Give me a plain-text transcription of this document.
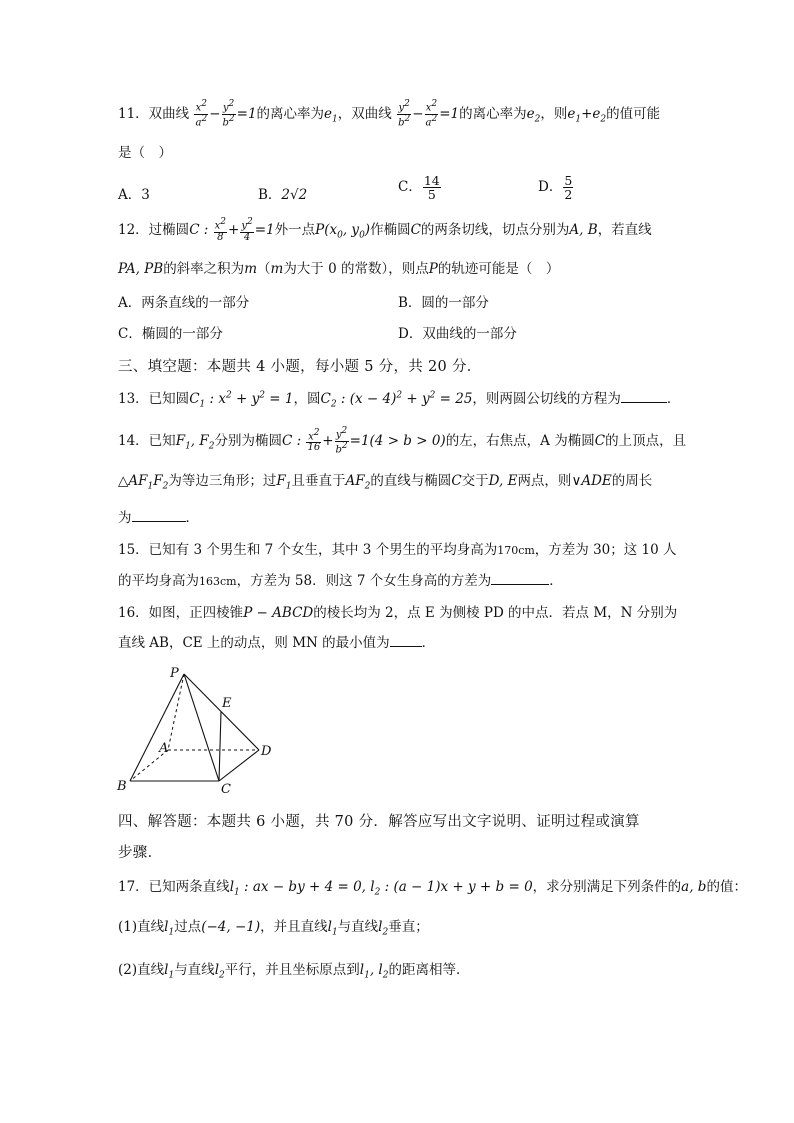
11．双曲线 $\frac{x^2}{a^2} - \frac{y^2}{b^2} =1$的离心率为$e_1$，双曲线 $\frac{y^2}{b^2} - \frac{x^2}{a^2} =1$的离心率为$e_2$，则$e_1+e_2$的值可能
是（　）
A．3	B．2√2	C． $\frac{14}{5}$	D． $\frac{5}{2}$
12．过椭圆C : $\frac{x^2}{8} + \frac{y^2}{4} =1$外一点$P(x_0$, $y_0$)作椭圆C的两条切线，切点分别为A, B，若直线
PA, PB的斜率之积为m（m为大于 0 的常数），则点P的轨迹可能是（　）
A．两条直线的一部分	B．圆的一部分
C．椭圆的一部分	D．双曲线的一部分
三、填空题：本题共 4 小题，每小题 5 分，共 20 分．
13．已知圆$C_1$ : $x^2 + y^2 = 1$，圆$C_2$ : $(x - 4)^2 + y^2 = 25$，则两圆公切线的方程为	．
14．已知$F_1$, $F_2$分别为椭圆C : $\frac{x^2}{16} + \frac{y^2}{b^2} =1(4 > b > 0)$的左，右焦点，A 为椭圆C的上顶点，且
$\triangle AF_1F_2$为等边三角形；过$F_1$且垂直于$AF_2$的直线与椭圆C交于D, E两点，则∨ADE的周长
为	．
15．已知有 3 个男生和 7 个女生，其中 3 个男生的平均身高为170cm，方差为 30；这 10 人
的平均身高为163cm，方差为 58．则这 7 个女生身高的方差为	．
16．如图，正四棱锥P − ABCD的棱长均为 2，点 E 为侧棱 PD 的中点．若点 M，N 分别为
直线 AB，CE 上的动点，则 MN 的最小值为 ．
P
E
A	D
B	C
四、解答题：本题共 6 小题，共 70 分．解答应写出文字说明、证明过程或演算
步骤．
17．已知两条直线$l_1$ : ax − by + 4 = 0, $l_2$ : (a − 1)x + y + b = 0，求分别满足下列条件的a, b的值：
(1)直线$l_1$过点(−4, −1)，并且直线$l_1$与直线$l_2$垂直；
(2)直线$l_1$与直线$l_2$平行，并且坐标原点到$l_1$, $l_2$的距离相等．
